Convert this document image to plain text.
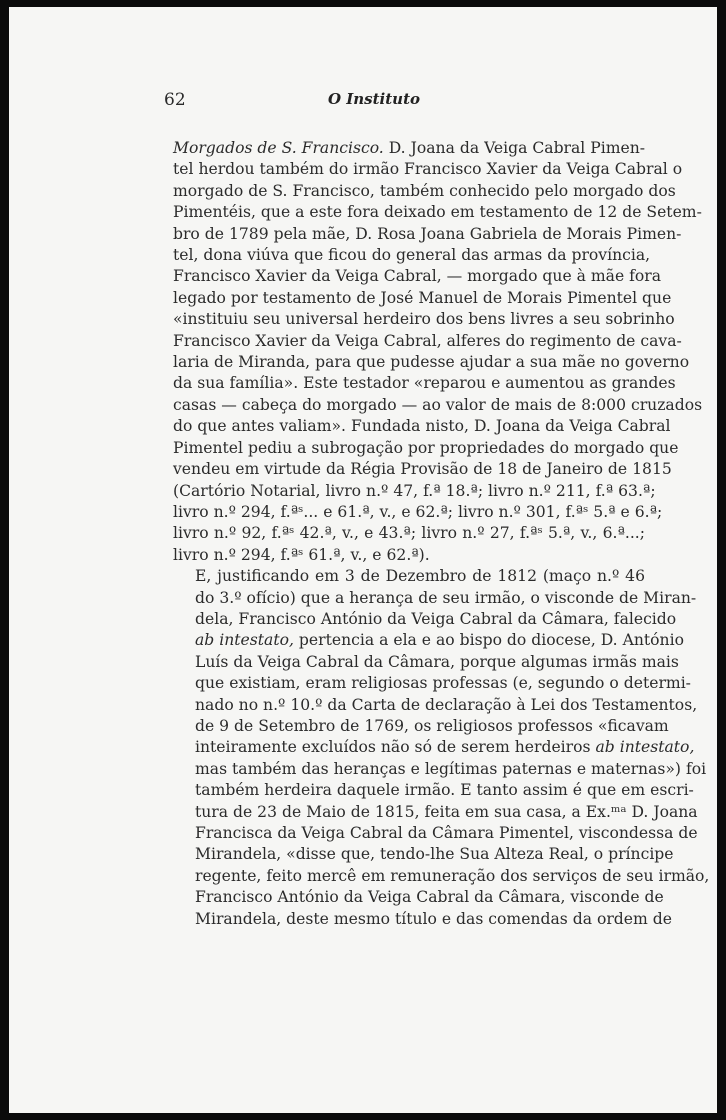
62	O Instituto

Morgados de S. Francisco. D. Joana da Veiga Cabral Pimen-
tel herdou também do irmão Francisco Xavier da Veiga Cabral o
morgado de S. Francisco, também conhecido pelo morgado dos
Pimentéis, que a este fora deixado em testamento de 12 de Setem-
bro de 1789 pela mãe, D. Rosa Joana Gabriela de Morais Pimen-
tel, dona viúva que ficou do general das armas da província,
Francisco Xavier da Veiga Cabral, — morgado que à mãe fora
legado por testamento de José Manuel de Morais Pimentel que
«instituiu seu universal herdeiro dos bens livres a seu sobrinho
Francisco Xavier da Veiga Cabral, alferes do regimento de cava-
laria de Miranda, para que pudesse ajudar a sua mãe no governo
da sua família». Este testador «reparou e aumentou as grandes
casas — cabeça do morgado — ao valor de mais de 8:000 cruzados
do que antes valiam». Fundada nisto, D. Joana da Veiga Cabral
Pimentel pediu a subrogação por propriedades do morgado que
vendeu em virtude da Régia Provisão de 18 de Janeiro de 1815
(Cartório Notarial, livro n.º 47, f.ª 18.ª; livro n.º 211, f.ª 63.ª;
livro n.º 294, f.ªˢ... e 61.ª, v., e 62.ª; livro n.º 301, f.ªˢ 5.ª e 6.ª;
livro n.º 92, f.ªˢ 42.ª, v., e 43.ª; livro n.º 27, f.ªˢ 5.ª, v., 6.ª...;
livro n.º 294, f.ªˢ 61.ª, v., e 62.ª).

E, justificando em 3 de Dezembro de 1812 (maço n.º 46
do 3.º ofício) que a herança de seu irmão, o visconde de Miran-
dela, Francisco António da Veiga Cabral da Câmara, falecido
ab intestato, pertencia a ela e ao bispo do diocese, D. António
Luís da Veiga Cabral da Câmara, porque algumas irmãs mais
que existiam, eram religiosas professas (e, segundo o determi-
nado no n.º 10.º da Carta de declaração à Lei dos Testamentos,
de 9 de Setembro de 1769, os religiosos professos «ficavam
inteiramente excluídos não só de serem herdeiros ab intestato,
mas também das heranças e legítimas paternas e maternas») foi
também herdeira daquele irmão. E tanto assim é que em escri-
tura de 23 de Maio de 1815, feita em sua casa, a Ex.ᵐᵃ D. Joana
Francisca da Veiga Cabral da Câmara Pimentel, viscondessa de
Mirandela, «disse que, tendo-lhe Sua Alteza Real, o príncipe
regente, feito mercê em remuneração dos serviços de seu irmão,
Francisco António da Veiga Cabral da Câmara, visconde de
Mirandela, deste mesmo título e das comendas da ordem de
